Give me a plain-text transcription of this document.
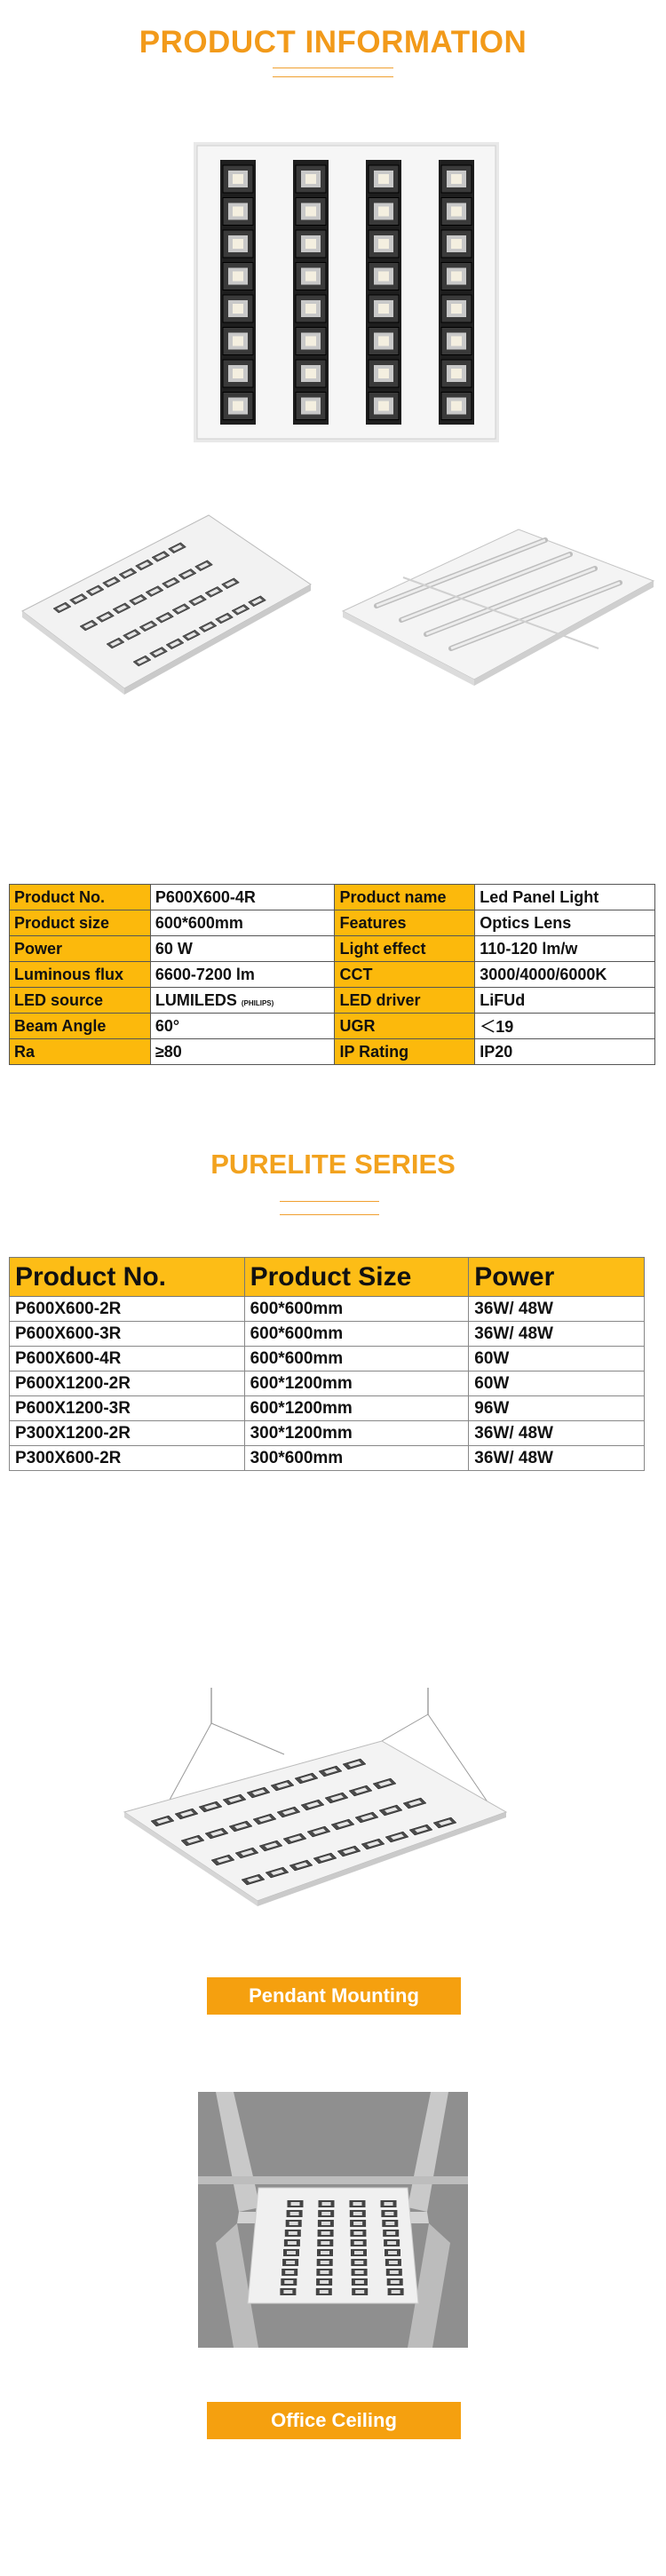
PRODUCT INFORMATION
Product No.	P600X600-4R	Product name	Led Panel Light
Product size	600*600mm	Features	Optics Lens
Power	60 W	Light effect	110-120 lm/w
Luminous flux	6600-7200 lm	CCT	3000/4000/6000K
LED source	LUMILEDS (PHILIPS)	LED driver	LiFUd
Beam Angle	60°	UGR	＜19
Ra	≥80	IP Rating	IP20
PURELITE SERIES
Product No.	Product Size	Power
P600X600-2R	600*600mm	36W/ 48W
P600X600-3R	600*600mm	36W/ 48W
P600X600-4R	600*600mm	60W
P600X1200-2R	600*1200mm	60W
P600X1200-3R	600*1200mm	96W
P300X1200-2R	300*1200mm	36W/ 48W
P300X600-2R	300*600mm	36W/ 48W
Pendant Mounting
Office Ceiling
